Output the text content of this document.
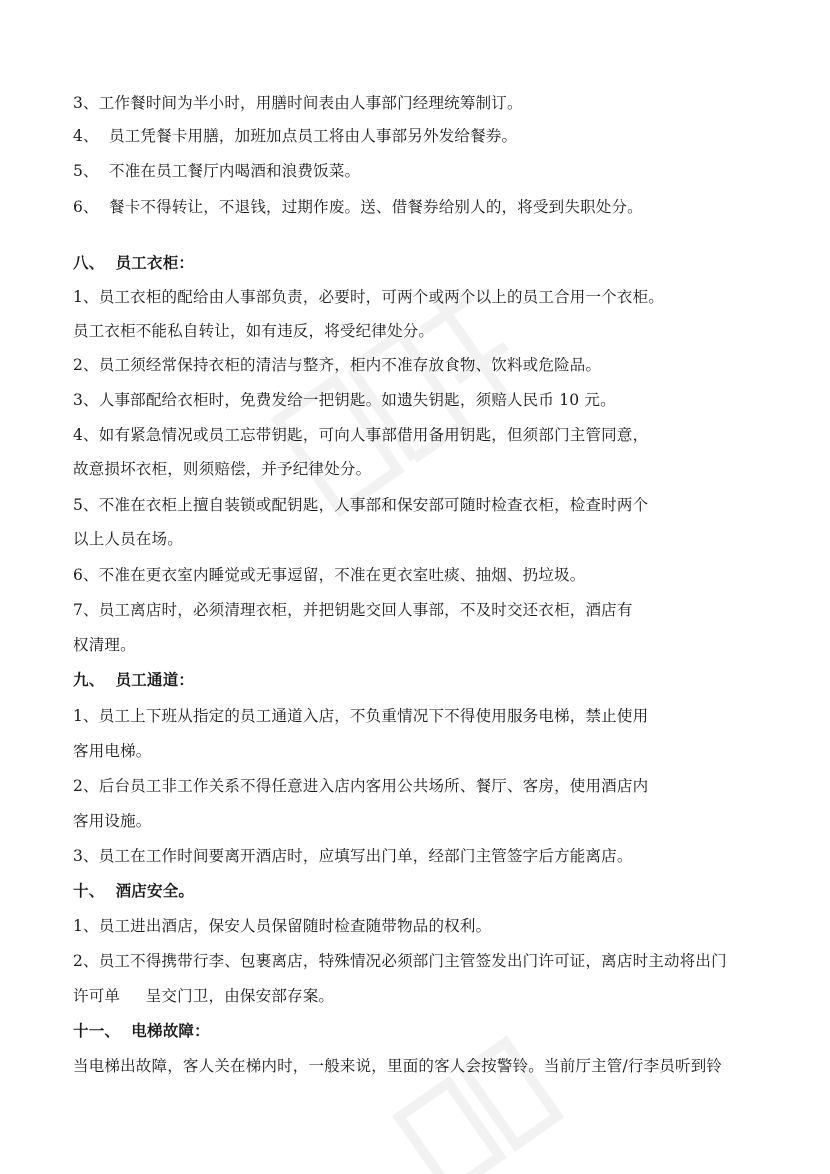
3、工作餐时间为半小时，用膳时间表由人事部门经理统筹制订。
4、  员工凭餐卡用膳，加班加点员工将由人事部另外发给餐券。
5、  不准在员工餐厅内喝酒和浪费饭菜。
6、  餐卡不得转让，不退钱，过期作废。送、借餐券给别人的，将受到失职处分。
八、  员工衣柜：
1、员工衣柜的配给由人事部负责，必要时，可两个或两个以上的员工合用一个衣柜。
员工衣柜不能私自转让，如有违反，将受纪律处分。
2、员工须经常保持衣柜的清洁与整齐，柜内不准存放食物、饮料或危险品。
3、人事部配给衣柜时，免费发给一把钥匙。如遗失钥匙，须赔人民币 10 元。
4、如有紧急情况或员工忘带钥匙，可向人事部借用备用钥匙，但须部门主管同意，
故意损坏衣柜，则须赔偿，并予纪律处分。
5、不准在衣柜上擅自装锁或配钥匙，人事部和保安部可随时检查衣柜，检查时两个
以上人员在场。
6、不准在更衣室内睡觉或无事逗留，不准在更衣室吐痰、抽烟、扔垃圾。
7、员工离店时，必须清理衣柜，并把钥匙交回人事部，不及时交还衣柜，酒店有
权清理。
九、  员工通道：
1、员工上下班从指定的员工通道入店，不负重情况下不得使用服务电梯，禁止使用
客用电梯。
2、后台员工非工作关系不得任意进入店内客用公共场所、餐厅、客房，使用酒店内
客用设施。
3、员工在工作时间要离开酒店时，应填写出门单，经部门主管签字后方能离店。
十、  酒店安全。
1、员工进出酒店，保安人员保留随时检查随带物品的权利。
2、员工不得携带行李、包裹离店，特殊情况必须部门主管签发出门许可证，离店时主动将出门
许可单     呈交门卫，由保安部存案。
十一、  电梯故障：
当电梯出故障，客人关在梯内时，一般来说，里面的客人会按警铃。当前厅主管/行李员听到铃
